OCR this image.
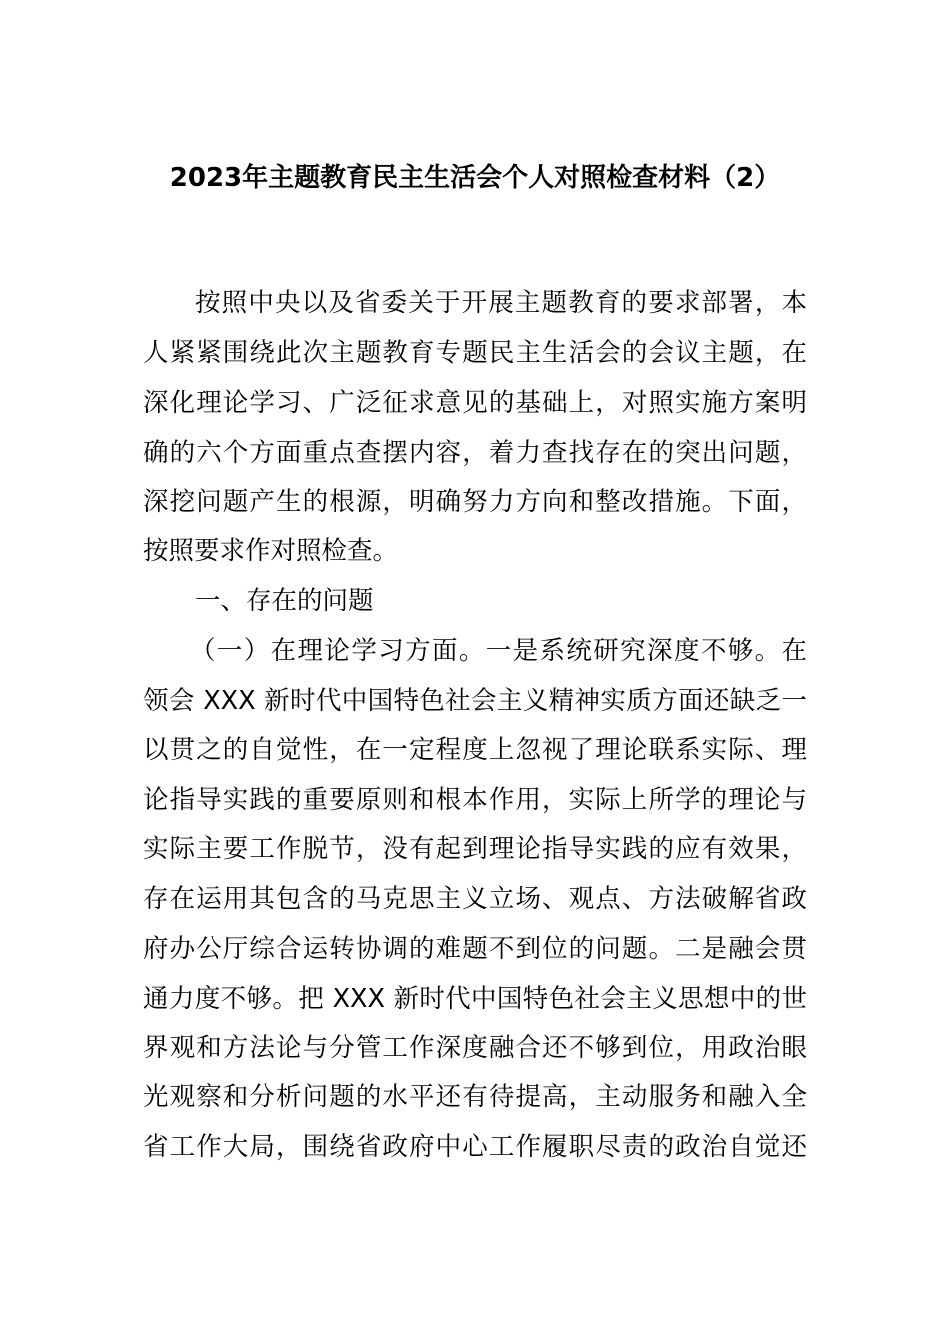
2023年主题教育民主生活会个人对照检查材料（2）
按照中央以及省委关于开展主题教育的要求部署，本
人紧紧围绕此次主题教育专题民主生活会的会议主题，在
深化理论学习、广泛征求意见的基础上，对照实施方案明
确的六个方面重点查摆内容，着力查找存在的突出问题，
深挖问题产生的根源，明确努力方向和整改措施。下面，
按照要求作对照检查。
一、存在的问题
（一）在理论学习方面。一是系统研究深度不够。在
领会 XXX 新时代中国特色社会主义精神实质方面还缺乏一
以贯之的自觉性，在一定程度上忽视了理论联系实际、理
论指导实践的重要原则和根本作用，实际上所学的理论与
实际主要工作脱节，没有起到理论指导实践的应有效果，
存在运用其包含的马克思主义立场、观点、方法破解省政
府办公厅综合运转协调的难题不到位的问题。二是融会贯
通力度不够。把 XXX 新时代中国特色社会主义思想中的世
界观和方法论与分管工作深度融合还不够到位，用政治眼
光观察和分析问题的水平还有待提高，主动服务和融入全
省工作大局，围绕省政府中心工作履职尽责的政治自觉还
